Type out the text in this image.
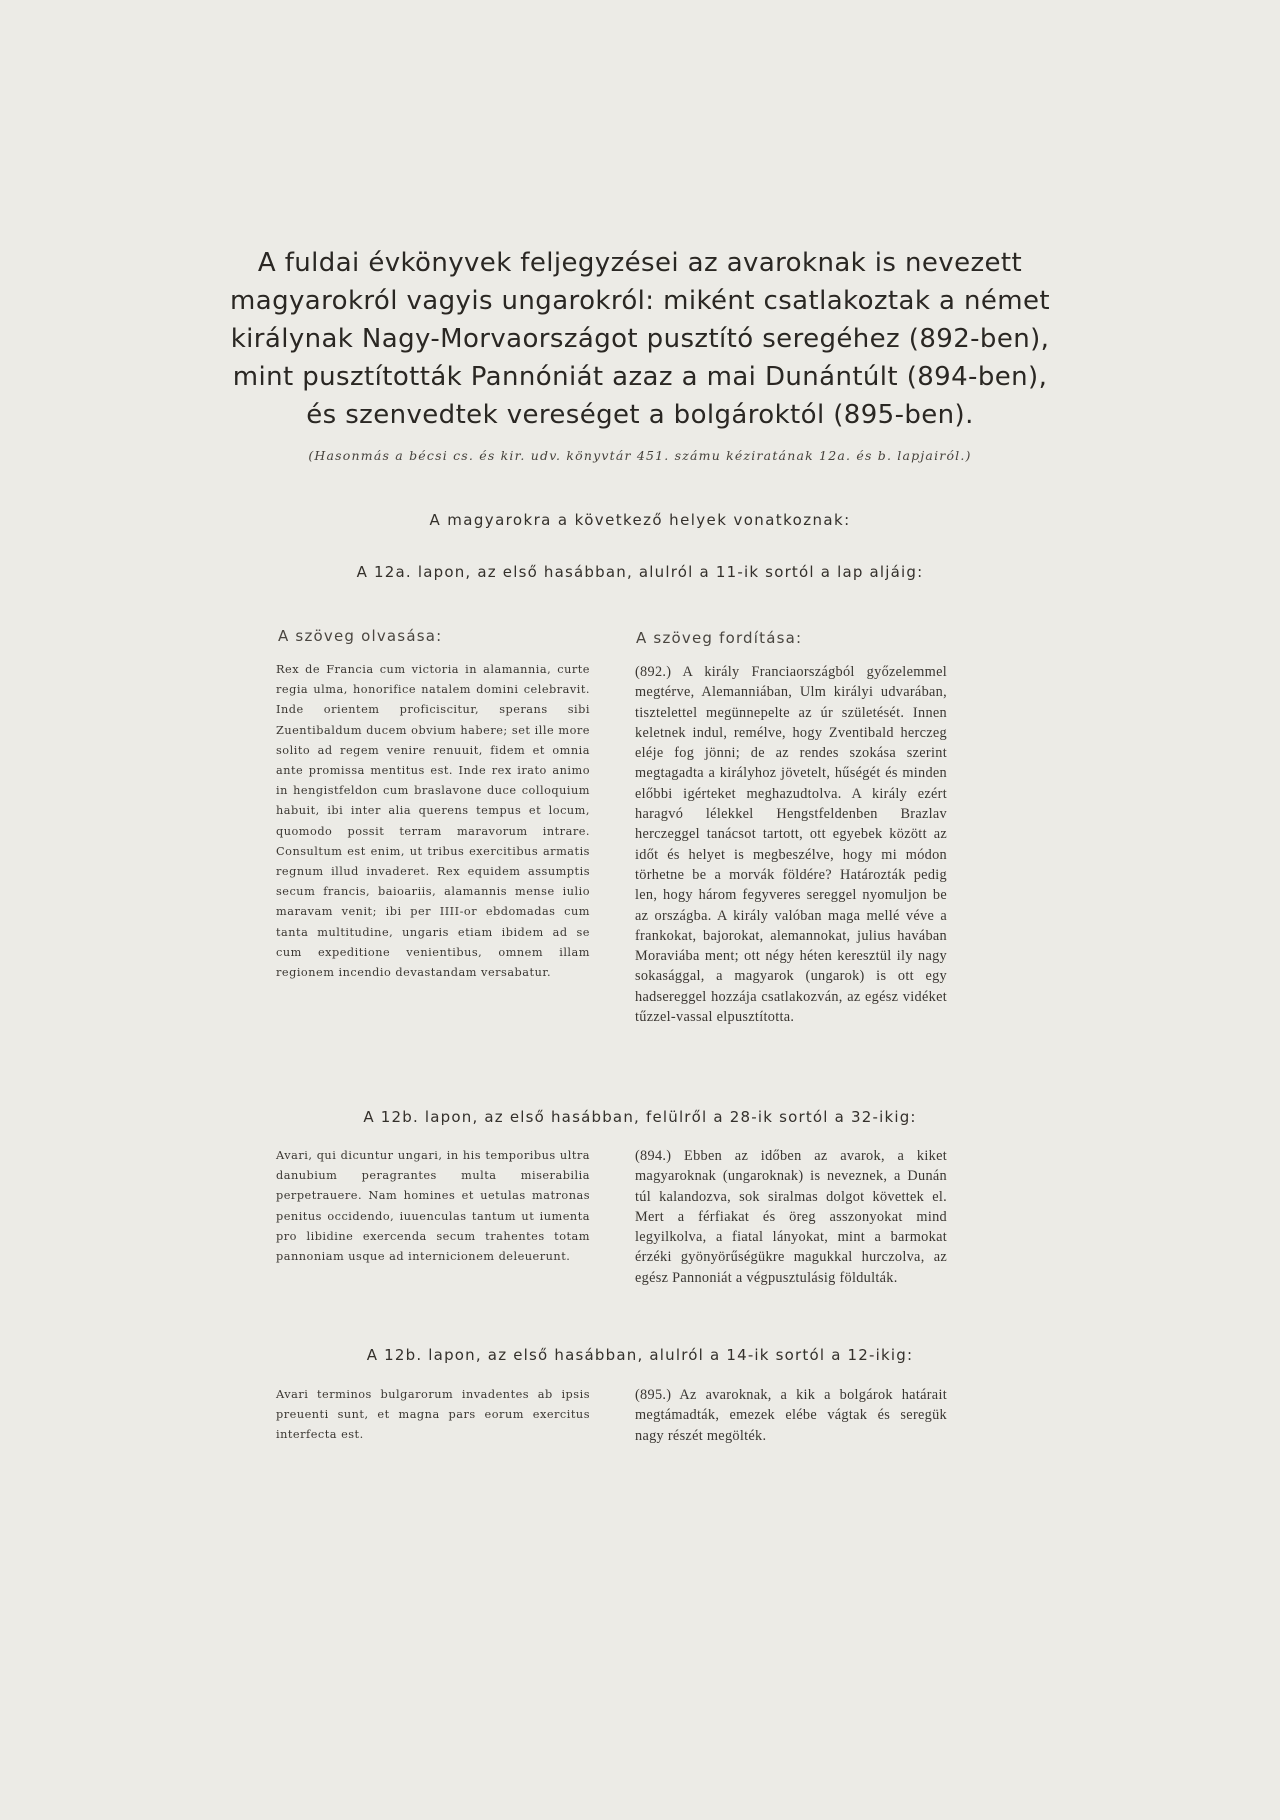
A fuldai évkönyvek feljegyzései az avaroknak is nevezett
magyarokról vagyis ungarokról: miként csatlakoztak a német
királynak Nagy-Morvaországot pusztító seregéhez (892-ben),
mint pusztították Pannóniát azaz a mai Dunántúlt (894-ben),
és szenvedtek vereséget a bolgároktól (895-ben).
(Hasonmás a bécsi cs. és kir. udv. könyvtár 451. számu kéziratának 12a. és b. lapjairól.)
A magyarokra a következő helyek vonatkoznak:
A 12a. lapon, az első hasábban, alulról a 11-ik sortól a lap aljáig:
A szöveg olvasása:	A szöveg fordítása:

Rex de Francia cum victoria in alamannia, curte regia ulma, honorifice natalem domini celebravit. Inde orientem proficiscitur, sperans sibi Zuentibaldum ducem obvium habere; set ille more solito ad regem venire renuuit, fidem et omnia ante promissa mentitus est. Inde rex irato animo in hengistfeldon cum braslavone duce colloquium habuit, ibi inter alia querens tempus et locum, quomodo possit terram maravorum intrare. Consultum est enim, ut tribus exercitibus armatis regnum illud invaderet. Rex equidem assumptis secum francis, baioariis, alamannis mense iulio maravam venit; ibi per IIII-or ebdomadas cum tanta multitudine, ungaris etiam ibidem ad se cum expeditione venientibus, omnem illam regionem incendio devastandam versabatur.

(892.) A király Franciaországból győzelemmel megtérve, Alemanniában, Ulm királyi udvarában, tisztelettel megünnepelte az úr születését. Innen keletnek indul, remélve, hogy Zventibald herczeg eléje fog jönni; de az rendes szokása szerint megtagadta a királyhoz jövetelt, hűségét és minden előbbi igérteket meghazudtolva. A király ezért haragvó lélekkel Hengstfeldenben Brazlav herczeggel tanácsot tartott, ott egyebek között az időt és helyet is megbeszélve, hogy mi módon törhetne be a morvák földére? Határozták pedig len, hogy három fegyveres sereggel nyomuljon be az országba. A király valóban maga mellé véve a frankokat, bajorokat, alemannokat, julius havában Moraviába ment; ott négy héten keresztül ily nagy sokasággal, a magyarok (ungarok) is ott egy hadsereggel hozzája csatlakozván, az egész vidéket tűzzel-vassal elpusztította.

A 12b. lapon, az első hasábban, felülről a 28-ik sortól a 32-ikig:

Avari, qui dicuntur ungari, in his temporibus ultra danubium peragrantes multa miserabilia perpetrauere. Nam homines et uetulas matronas penitus occidendo, iuuenculas tantum ut iumenta pro libidine exercenda secum trahentes totam pannoniam usque ad internicionem deleuerunt.

(894.) Ebben az időben az avarok, a kiket magyaroknak (ungaroknak) is neveznek, a Dunán túl kalandozva, sok siralmas dolgot követtek el. Mert a férfiakat és öreg asszonyokat mind legyilkolva, a fiatal lányokat, mint a barmokat érzéki gyönyörűségükre magukkal hurczolva, az egész Pannoniát a végpusztulásig földulták.

A 12b. lapon, az első hasábban, alulról a 14-ik sortól a 12-ikig:

Avari terminos bulgarorum invadentes ab ipsis preuenti sunt, et magna pars eorum exercitus interfecta est.

(895.) Az avaroknak, a kik a bolgárok határait megtámadták, emezek elébe vágtak és seregük nagy részét megölték.
